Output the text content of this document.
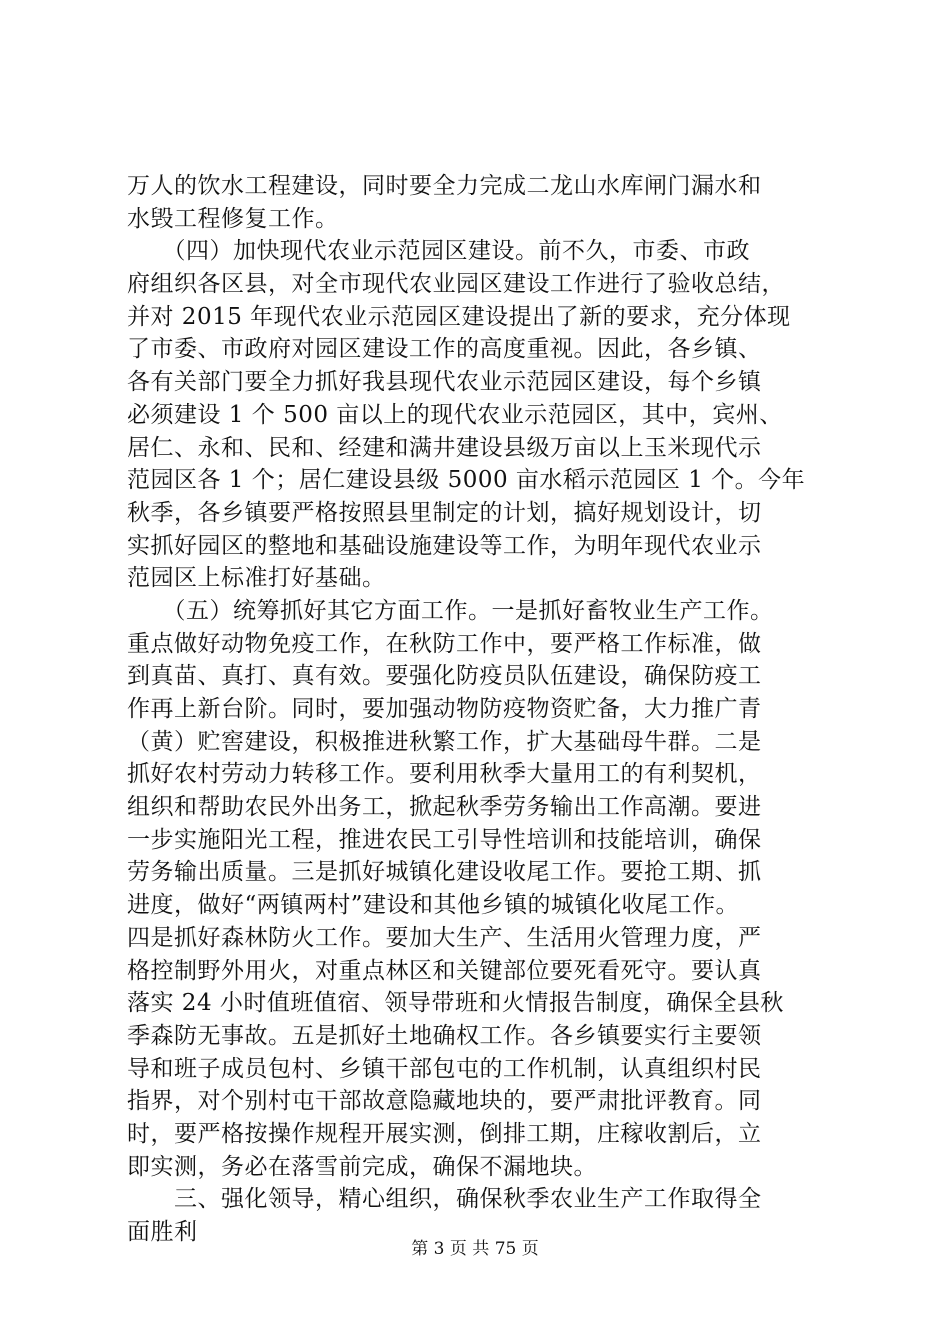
万人的饮水工程建设，同时要全力完成二龙山水库闸门漏水和
水毁工程修复工作。
　　（四）加快现代农业示范园区建设。前不久，市委、市政
府组织各区县，对全市现代农业园区建设工作进行了验收总结，
并对 2015 年现代农业示范园区建设提出了新的要求，充分体现
了市委、市政府对园区建设工作的高度重视。因此，各乡镇、
各有关部门要全力抓好我县现代农业示范园区建设，每个乡镇
必须建设 1 个 500 亩以上的现代农业示范园区，其中，宾州、
居仁、永和、民和、经建和满井建设县级万亩以上玉米现代示
范园区各 1 个；居仁建设县级 5000 亩水稻示范园区 1 个。今年
秋季，各乡镇要严格按照县里制定的计划，搞好规划设计，切
实抓好园区的整地和基础设施建设等工作，为明年现代农业示
范园区上标准打好基础。
　　（五）统筹抓好其它方面工作。一是抓好畜牧业生产工作。
重点做好动物免疫工作，在秋防工作中，要严格工作标准，做
到真苗、真打、真有效。要强化防疫员队伍建设，确保防疫工
作再上新台阶。同时，要加强动物防疫物资贮备，大力推广青
（黄）贮窖建设，积极推进秋繁工作，扩大基础母牛群。二是
抓好农村劳动力转移工作。要利用秋季大量用工的有利契机，
组织和帮助农民外出务工，掀起秋季劳务输出工作高潮。要进
一步实施阳光工程，推进农民工引导性培训和技能培训，确保
劳务输出质量。三是抓好城镇化建设收尾工作。要抢工期、抓
进度，做好“两镇两村”建设和其他乡镇的城镇化收尾工作。
四是抓好森林防火工作。要加大生产、生活用火管理力度，严
格控制野外用火，对重点林区和关键部位要死看死守。要认真
落实 24 小时值班值宿、领导带班和火情报告制度，确保全县秋
季森防无事故。五是抓好土地确权工作。各乡镇要实行主要领
导和班子成员包村、乡镇干部包屯的工作机制，认真组织村民
指界，对个别村屯干部故意隐藏地块的，要严肃批评教育。同
时，要严格按操作规程开展实测，倒排工期，庄稼收割后，立
即实测，务必在落雪前完成，确保不漏地块。
　　三、强化领导，精心组织，确保秋季农业生产工作取得全
面胜利
第 3 页 共 75 页
